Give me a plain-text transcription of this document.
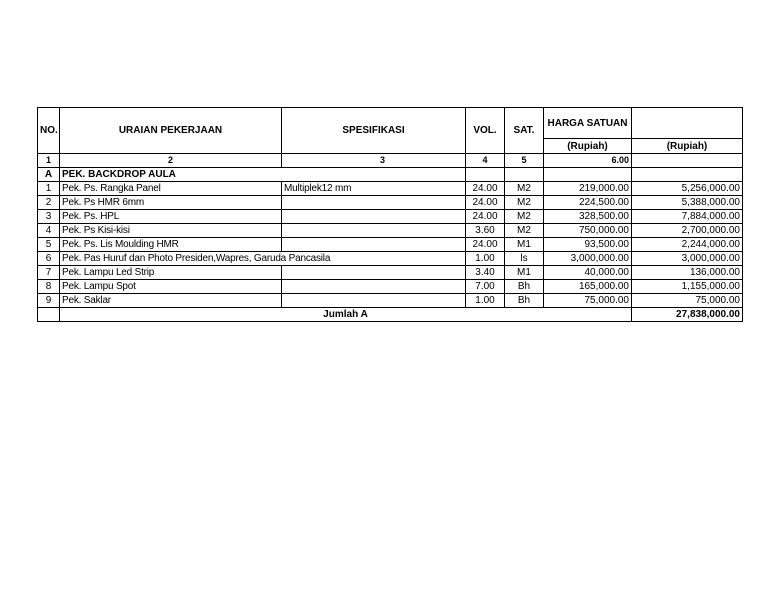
NO.	URAIAN PEKERJAAN	SPESIFIKASI	VOL.	SAT.	HARGA SATUAN	
					(Rupiah)	(Rupiah)
1	2	3	4	5	6.00	
A	PEK. BACKDROP AULA					
1	Pek. Ps. Rangka Panel	Multiplek12 mm	24.00	M2	219,000.00	5,256,000.00
2	Pek. Ps HMR 6mm		24.00	M2	224,500.00	5,388,000.00
3	Pek. Ps. HPL		24.00	M2	328,500.00	7,884,000.00
4	Pek. Ps Kisi-kisi		3.60	M2	750,000.00	2,700,000.00
5	Pek. Ps. Lis Moulding HMR		24.00	M1	93,500.00	2,244,000.00
6	Pek. Pas Huruf dan Photo Presiden,Wapres, Garuda Pancasila		1.00	ls	3,000,000.00	3,000,000.00
7	Pek. Lampu Led Strip		3.40	M1	40,000.00	136,000.00
8	Pek. Lampu Spot		7.00	Bh	165,000.00	1,155,000.00
9	Pek. Saklar		1.00	Bh	75,000.00	75,000.00
	Jumlah A					27,838,000.00
